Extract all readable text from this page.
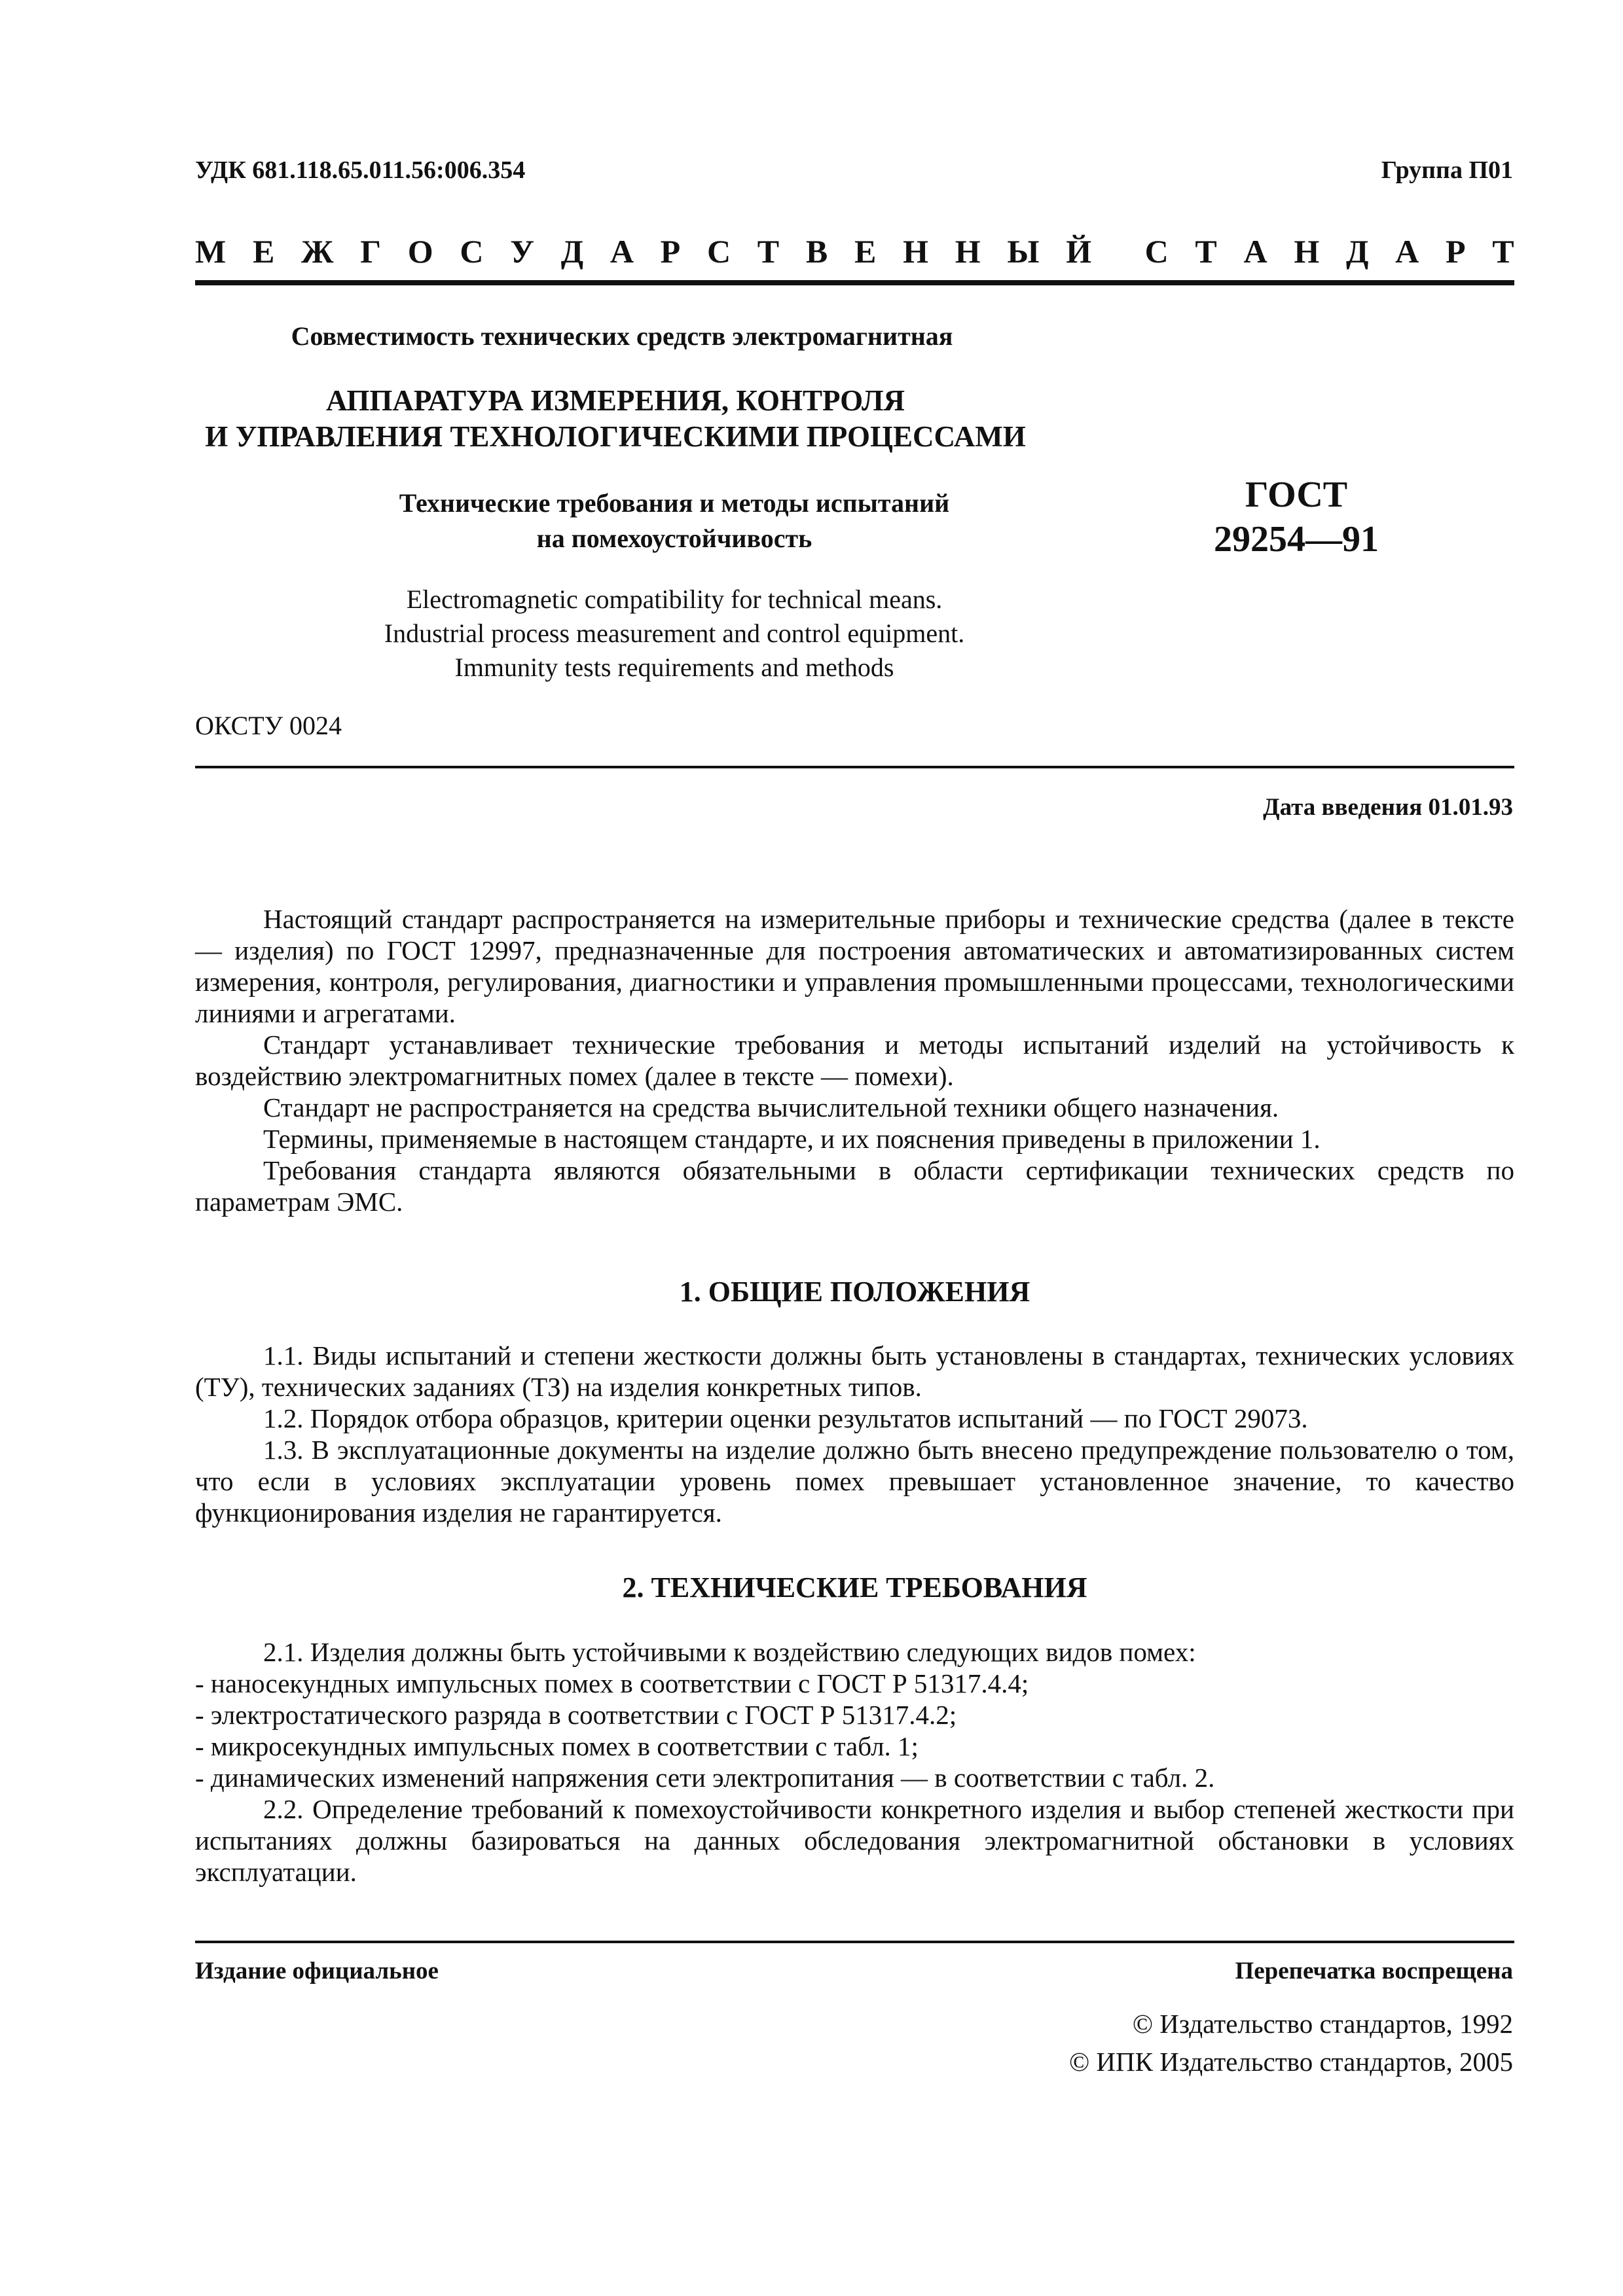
УДК 681.118.65.011.56:006.354	Группа П01
М Е Ж Г О С У Д А Р С Т В Е Н Н Ы Й С Т А Н Д А Р Т
Совместимость технических средств электромагнитная
АППАРАТУРА ИЗМЕРЕНИЯ, КОНТРОЛЯ
И УПРАВЛЕНИЯ ТЕХНОЛОГИЧЕСКИМИ ПРОЦЕССАМИ
Технические требования и методы испытаний
на помехоустойчивость
ГОСТ
29254—91
Electromagnetic compatibility for technical means.
Industrial process measurement and control equipment.
Immunity tests requirements and methods
ОКСТУ 0024
Дата введения 01.01.93

Настоящий стандарт распространяется на измерительные приборы и технические средства (далее в тексте — изделия) по ГОСТ 12997, предназначенные для построения автоматических и автоматизированных систем измерения, контроля, регулирования, диагностики и управления промышленными процессами, технологическими линиями и агрегатами.

Стандарт устанавливает технические требования и методы испытаний изделий на устойчивость к воздействию электромагнитных помех (далее в тексте — помехи).

Стандарт не распространяется на средства вычислительной техники общего назначения.

Термины, применяемые в настоящем стандарте, и их пояснения приведены в приложении 1.

Требования стандарта являются обязательными в области сертификации технических средств по параметрам ЭМС.

1. ОБЩИЕ ПОЛОЖЕНИЯ

1.1. Виды испытаний и степени жесткости должны быть установлены в стандартах, технических условиях (ТУ), технических заданиях (ТЗ) на изделия конкретных типов.

1.2. Порядок отбора образцов, критерии оценки результатов испытаний — по ГОСТ 29073.

1.3. В эксплуатационные документы на изделие должно быть внесено предупреждение пользователю о том, что если в условиях эксплуатации уровень помех превышает установленное значение, то качество функционирования изделия не гарантируется.

2. ТЕХНИЧЕСКИЕ ТРЕБОВАНИЯ

2.1. Изделия должны быть устойчивыми к воздействию следующих видов помех:

- наносекундных импульсных помех в соответствии с ГОСТ Р 51317.4.4;

- электростатического разряда в соответствии с ГОСТ Р 51317.4.2;

- микросекундных импульсных помех в соответствии с табл. 1;

- динамических изменений напряжения сети электропитания — в соответствии с табл. 2.

2.2. Определение требований к помехоустойчивости конкретного изделия и выбор степеней жесткости при испытаниях должны базироваться на данных обследования электромагнитной обстановки в условиях эксплуатации.

Издание официальное	Перепечатка воспрещена
© Издательство стандартов, 1992
© ИПК Издательство стандартов, 2005
